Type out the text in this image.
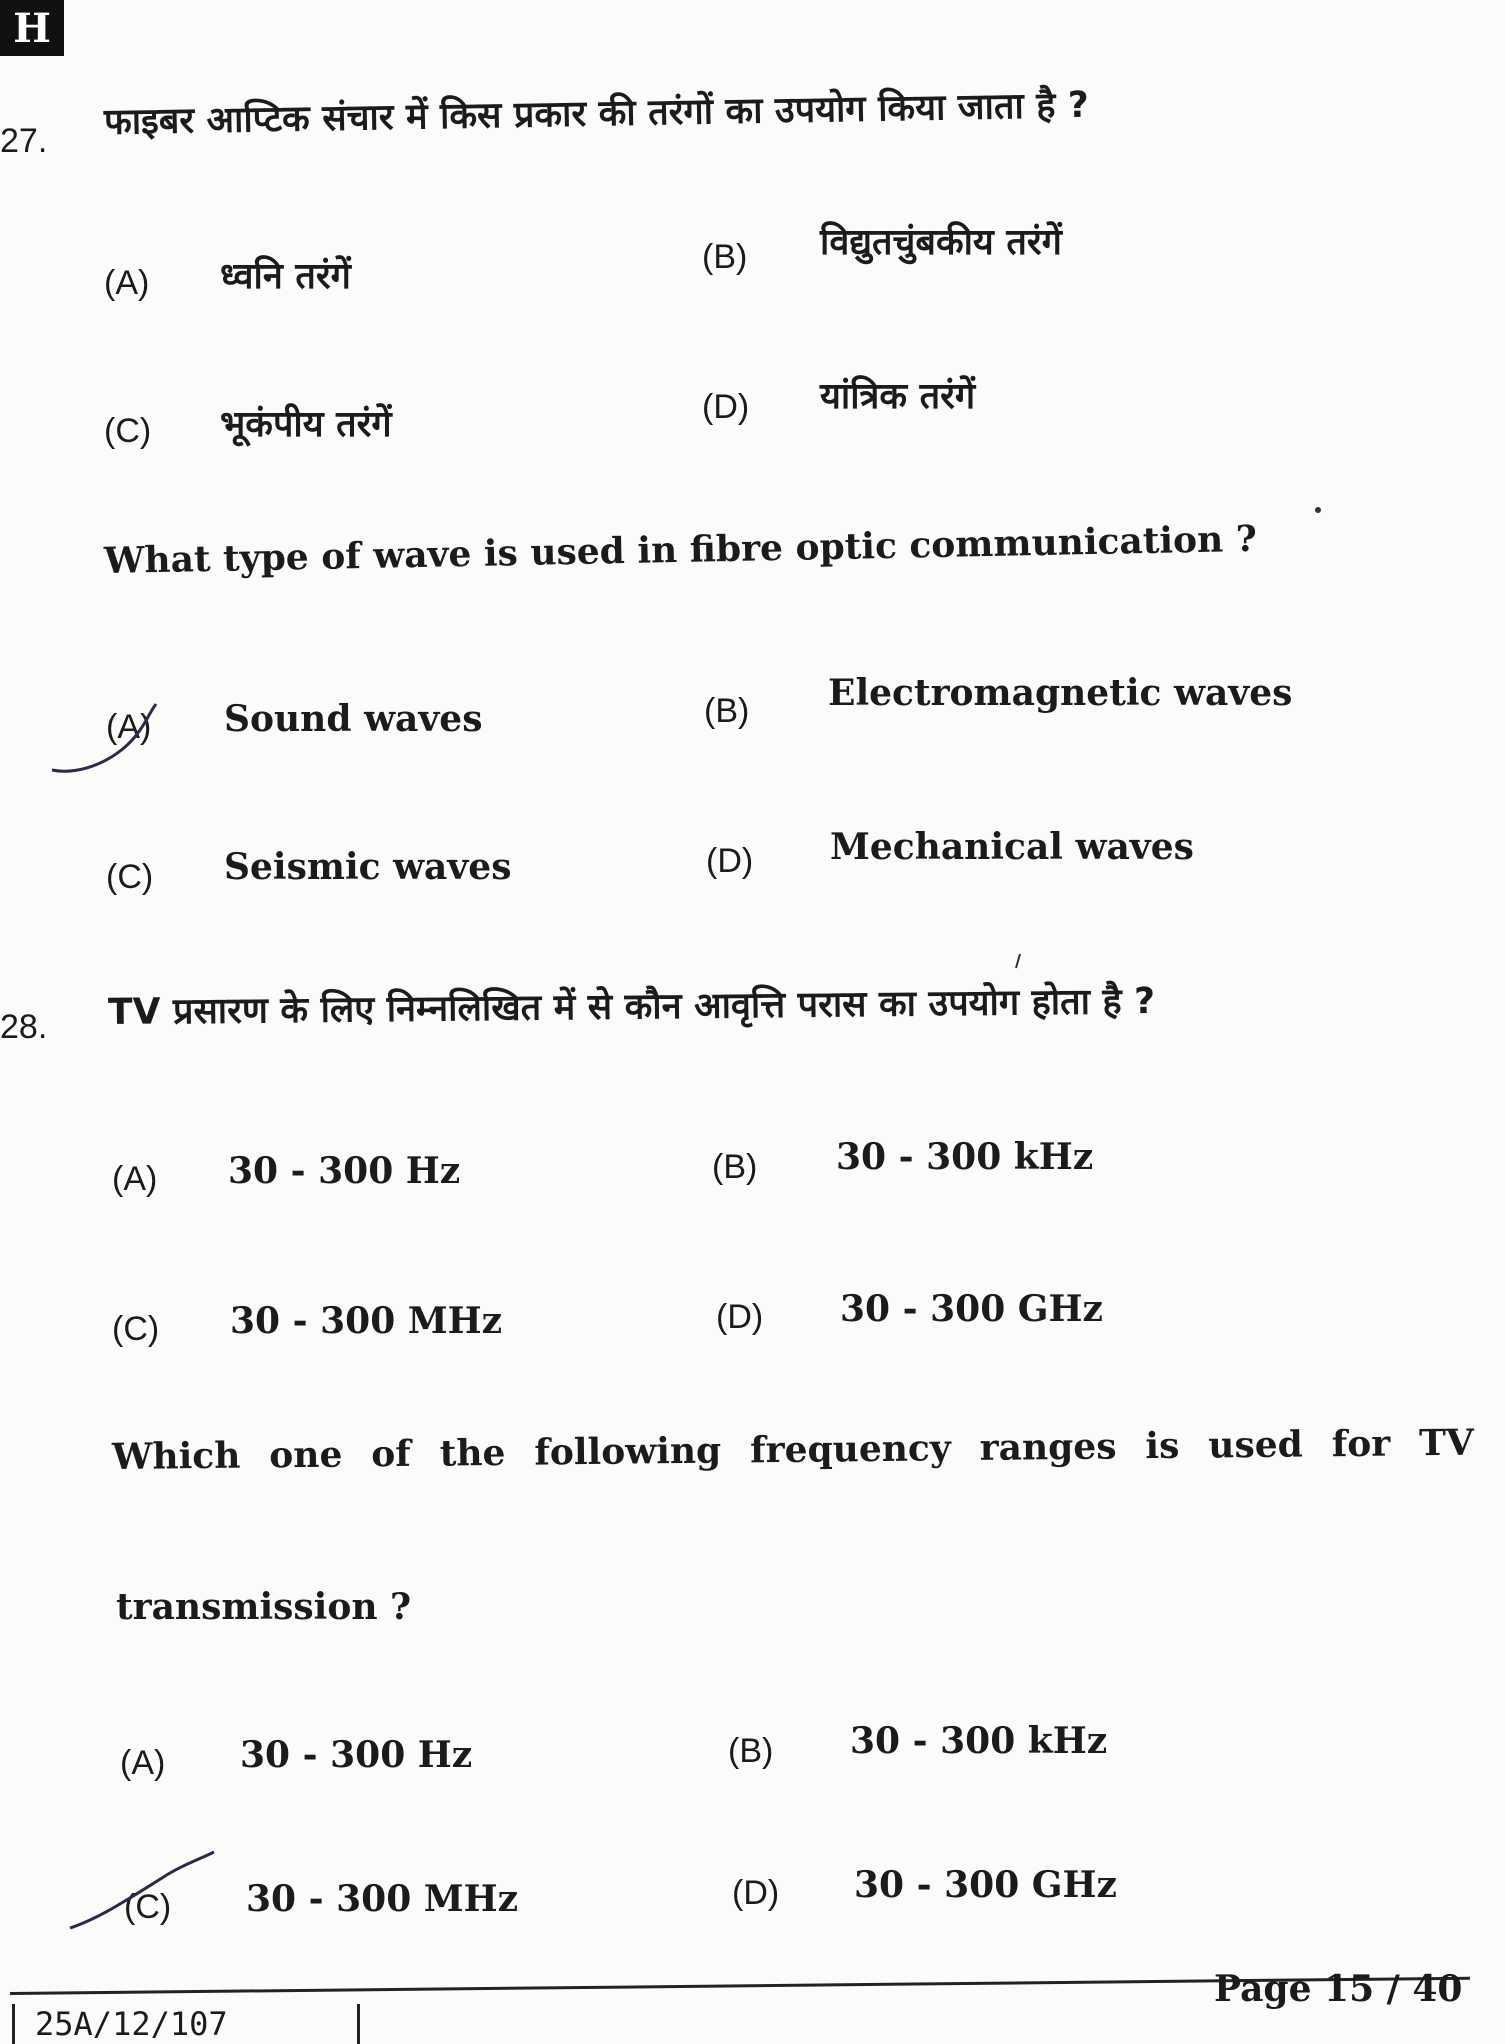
H
27. फाइबर आप्टिक संचार में किस प्रकार की तरंगों का उपयोग किया जाता है ?
(A) ध्वनि तरंगें	(B) विद्युतचुंबकीय तरंगें
(C) भूकंपीय तरंगें	(D) यांत्रिक तरंगें
What type of wave is used in fibre optic communication ?
(A) Sound waves	(B) Electromagnetic waves
(C) Seismic waves	(D) Mechanical waves
28. TV प्रसारण के लिए निम्नलिखित में से कौन आवृत्ति परास का उपयोग होता है ?
(A) 30 - 300 Hz	(B) 30 - 300 kHz
(C) 30 - 300 MHz	(D) 30 - 300 GHz
Which one of the following frequency ranges is used for TV
transmission ?
(A) 30 - 300 Hz	(B) 30 - 300 kHz
(C) 30 - 300 MHz	(D) 30 - 300 GHz
25A/12/107
Page 15 / 40
